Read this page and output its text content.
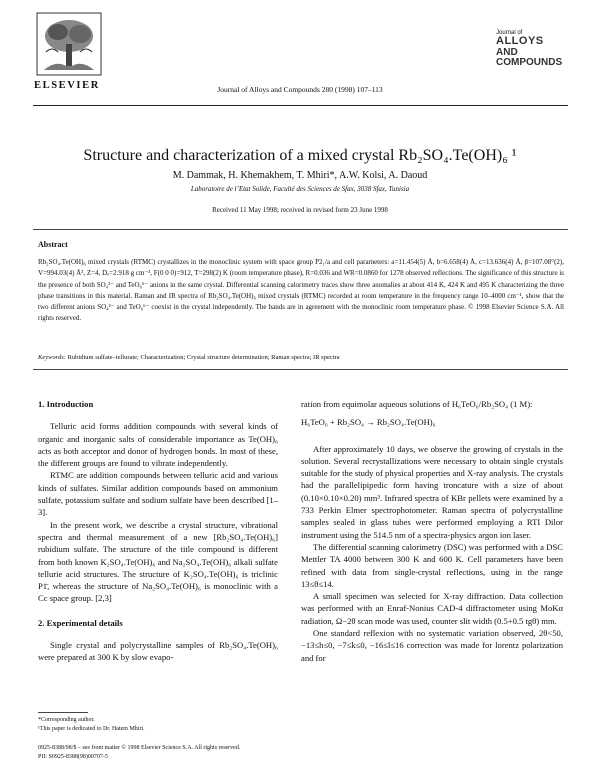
ELSEVIER	Journal of Alloys and Compounds 280 (1998) 107–113
Journal of
ALLOYS
AND COMPOUNDS
Structure and characterization of a mixed crystal Rb₂SO₄.Te(OH)₆ ¹
M. Dammak, H. Khemakhem, T. Mhiri*, A.W. Kolsi, A. Daoud
Laboratoire de l’Etat Solide, Faculté des Sciences de Sfax, 3038 Sfax, Tunisia
Received 11 May 1998; received in revised form 23 June 1998
Abstract
Rb₂SO₄.Te(OH)₆ mixed crystals (RTMC) crystallizes in the monoclinic system with space group P2₁/a and cell parameters: a=11.454(5) Å, b=6.658(4) Å, c=13.636(4) Å, β=107.08°(2), V=994.03(4) Å³, Z=4, Dₓ=2.918 g cm⁻³, F(0 0 0)=912, T=298(2) K (room temperature phase), R=0.036 and WR=0.0860 for 1278 observed reflections. The significance of this structure is the presence of both SO₄²⁻ and TeO₆⁶⁻ anions in the same crystal. Differential scanning calorimetry traces show three anomalies at about 414 K, 424 K and 495 K characterizing the three phase transitions in this material. Raman and IR spectra of Rb₂SO₄.Te(OH)₆ mixed crystals (RTMC) recorded at room temperature in the frequency range 10–4000 cm⁻¹, show that the two different anions SO₄²⁻ and TeO₆⁶⁻ coexist in the crystal independently. The bands are in agreement with the monoclinic room temperature phase. © 1998 Elsevier Science S.A. All rights reserved.
Keywords: Rubidium sulfate–tellurate; Characterization; Crystal structure determination; Raman spectra; IR spectra
1. Introduction

Telluric acid forms addition compounds with several kinds of organic and inorganic salts of considerable importance as Te(OH)₆ acts as both acceptor and donor of hydrogen bonds. In most of these, the different groups are found to vibrate independently.

RTMC are addition compounds between telluric acid and various kinds of sulfates. Similar addition compounds based on ammonium sulfate, potassium sulfate and sodium sulfate have been described [1–3].

In the present work, we describe a crystal structure, vibrational spectra and thermal measurement of a new [Rb₂SO₄.Te(OH)₆] rubidium sulfate. The structure of the title compound is different from both known K₂SO₄.Te(OH)₆ and Na₂SO₄.Te(OH)₆ alkali sulfate tellurie acid structures. The structure of K₂SO₄.Te(OH)₆ is triclinic P1̄, whereas the structure of Na₂SO₄.Te(OH)₆ is monoclinic with a Cc space group. [2,3]

2. Experimental details

Single crystal and polycrystalline samples of Rb₂SO₄.Te(OH)₆ were prepared at 300 K by slow evapo-

ration from equimolar aqueous solutions of H₆TeO₆/Rb₂SO₄ (1 M):

H₆TeO₆ + Rb₂SO₄ → Rb₂SO₄.Te(OH)₆

After approximately 10 days, we observe the growing of crystals in the solution. Several recrystallizations were necessary to obtain single crystals suitable for the study of physical properties and X-ray analysis. The crystals had the parallelipipedic form having troncature with a size of about (0.10×0.10×0.20) mm³. Infrared spectra of KBr pellets were examined by a 733 Perkin Elmer spectrophotometer. Raman spectra of polycrystalline samples sealed in glass tubes were performed employing a RTI Dilor instrument using the 514.5 nm of a spectra-physics argon ion laser.

The differential scanning calorimetry (DSC) was performed with a DSC Mettler TA 4000 between 300 K and 600 K. Cell parameters have been refined with data from single-crystal reflections, using in the range 13≤θ≤14.

A small specimen was selected for X-ray diffraction. Data collection was performed with an Enraf-Nonius CAD-4 diffractometer using MoKα radiation, Ω−2θ scan mode was used, counter slit width (0.5+0.5 tgθ) mm.

One standard reflexion with no systematic variation observed, 2θ<50, −13≤h≤0, −7≤k≤0, −16≤l≤16 correction was made for lorentz polarization and for

*Corresponding author.
¹This paper is dedicated to Dr. Hatem Mhiri.
0925-8388/98/$ – see front matter © 1998 Elsevier Science S.A. All rights reserved.
PII: S0925-8388(98)00707-5
